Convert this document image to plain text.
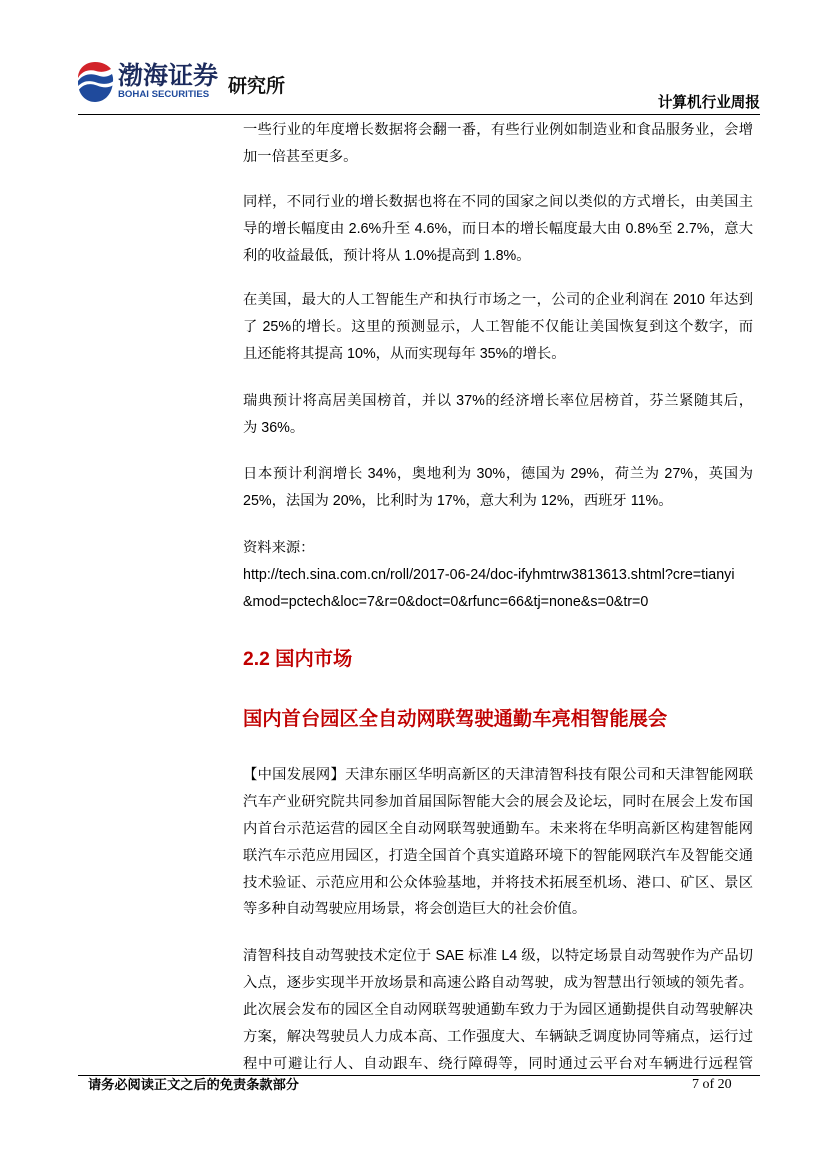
渤海证券
BOHAI SECURITIES 研究所
计算机行业周报
一些行业的年度增长数据将会翻一番，有些行业例如制造业和食品服务业，会增
加一倍甚至更多。
同样，不同行业的增长数据也将在不同的国家之间以类似的方式增长，由美国主
导的增长幅度由 2.6%升至 4.6%，而日本的增长幅度最大由 0.8%至 2.7%，意大
利的收益最低，预计将从 1.0%提高到 1.8%。
在美国，最大的人工智能生产和执行市场之一，公司的企业利润在 2010 年达到
了 25%的增长。这里的预测显示，人工智能不仅能让美国恢复到这个数字，而
且还能将其提高 10%，从而实现每年 35%的增长。
瑞典预计将高居美国榜首，并以 37%的经济增长率位居榜首，芬兰紧随其后，
为 36%。
日本预计利润增长 34%，奥地利为 30%，德国为 29%，荷兰为 27%，英国为
25%，法国为 20%，比利时为 17%，意大利为 12%，西班牙 11%。
资料来源：
http://tech.sina.com.cn/roll/2017-06-24/doc-ifyhmtrw3813613.shtml?cre=tianyi
&mod=pctech&loc=7&r=0&doct=0&rfunc=66&tj=none&s=0&tr=0
2.2 国内市场
国内首台园区全自动网联驾驶通勤车亮相智能展会
【中国发展网】天津东丽区华明高新区的天津清智科技有限公司和天津智能网联
汽车产业研究院共同参加首届国际智能大会的展会及论坛，同时在展会上发布国
内首台示范运营的园区全自动网联驾驶通勤车。未来将在华明高新区构建智能网
联汽车示范应用园区，打造全国首个真实道路环境下的智能网联汽车及智能交通
技术验证、示范应用和公众体验基地，并将技术拓展至机场、港口、矿区、景区
等多种自动驾驶应用场景，将会创造巨大的社会价值。
清智科技自动驾驶技术定位于 SAE 标准 L4 级，以特定场景自动驾驶作为产品切
入点，逐步实现半开放场景和高速公路自动驾驶，成为智慧出行领域的领先者。
此次展会发布的园区全自动网联驾驶通勤车致力于为园区通勤提供自动驾驶解决
方案，解决驾驶员人力成本高、工作强度大、车辆缺乏调度协同等痛点，运行过
程中可避让行人、自动跟车、绕行障碍等，同时通过云平台对车辆进行远程管
请务必阅读正文之后的免责条款部分	7 of 20
